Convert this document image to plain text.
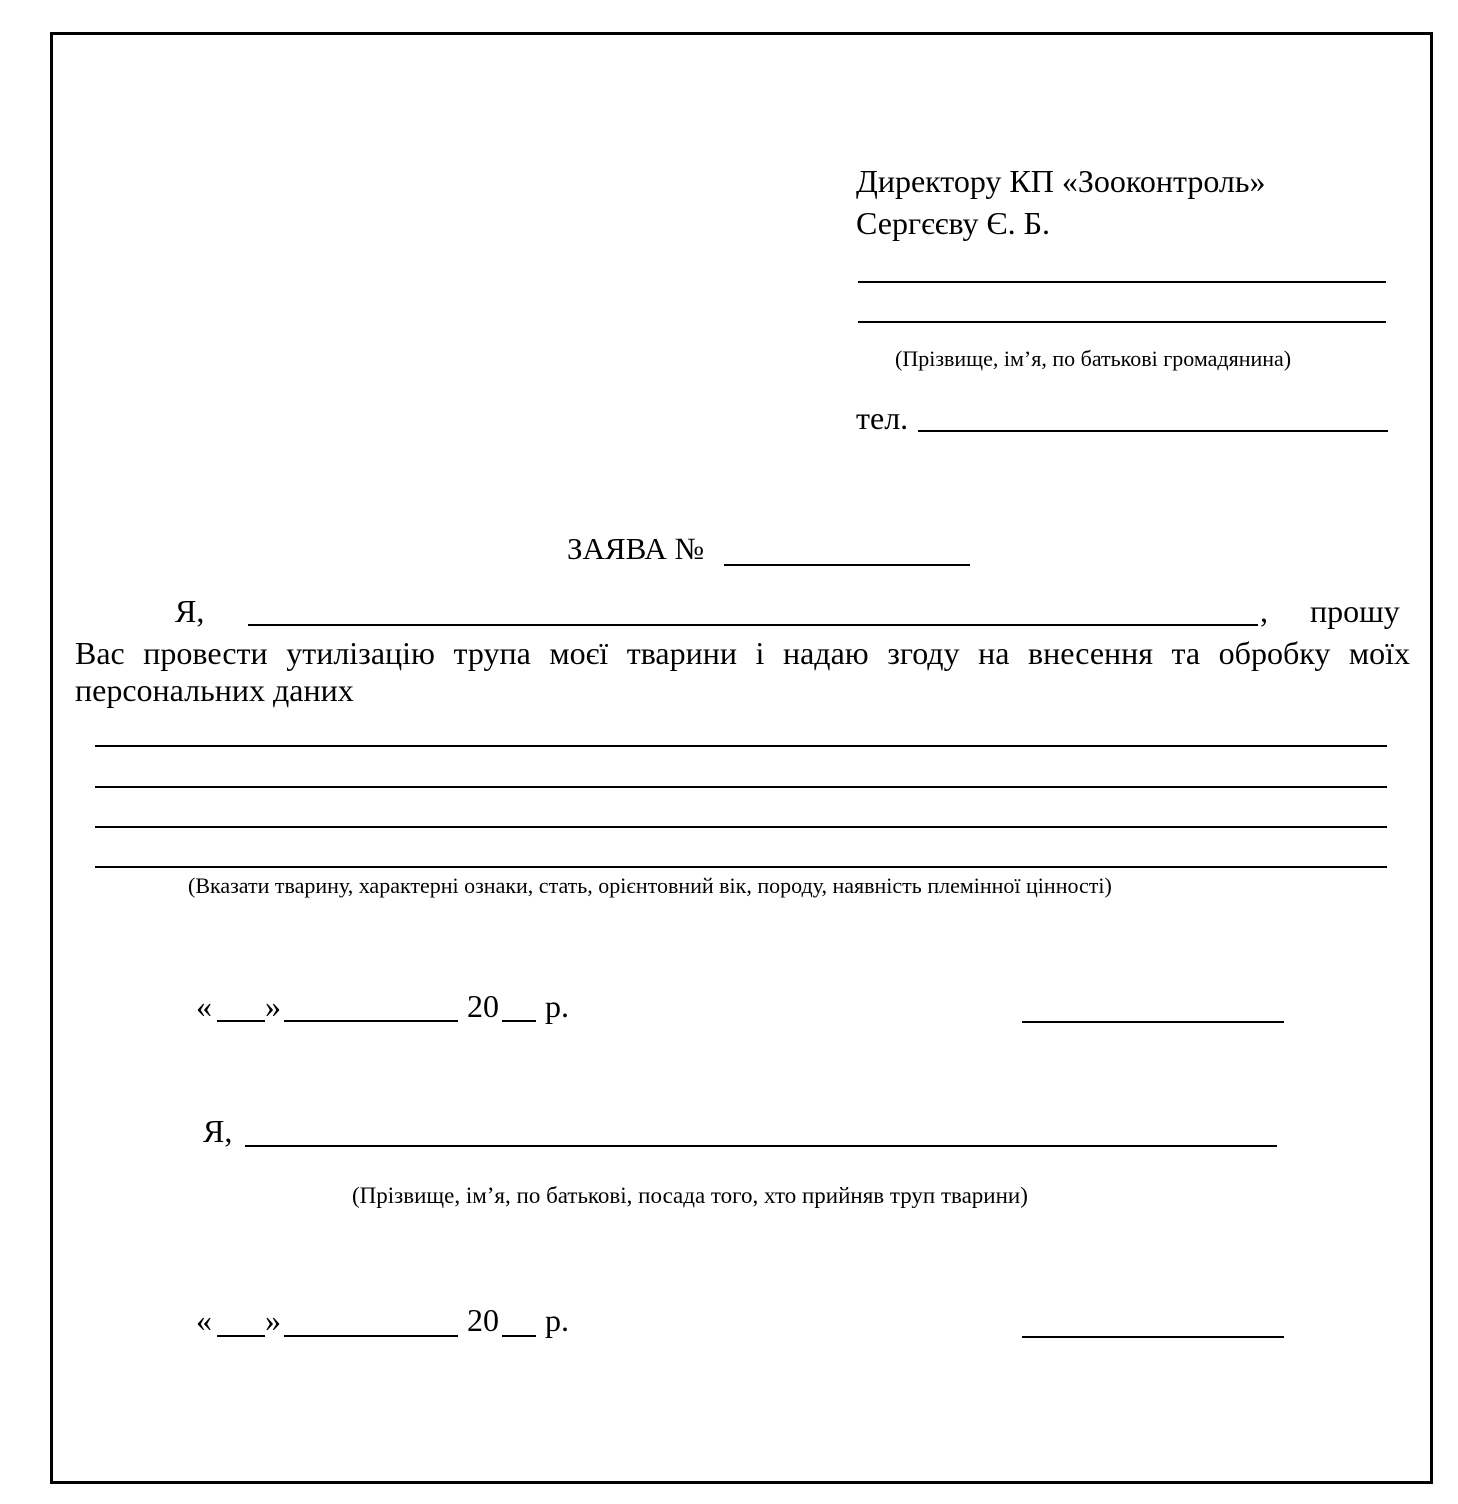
Директору КП «Зооконтроль»
Сергєєву Є. Б.
(Прізвище, ім’я, по батькові громадянина)
тел.
ЗАЯВА №
Я,	, прошу
Вас провести утилізацію трупа моєї тварини і надаю згоду на внесення та обробку моїх
персональних даних
(Вказати тварину, характерні ознаки, стать, орієнтовний вік, породу, наявність племінної цінності)
« »	20 р.
Я,
(Прізвище, ім’я, по батькові, посада того, хто прийняв труп тварини)
« »	20 р.
